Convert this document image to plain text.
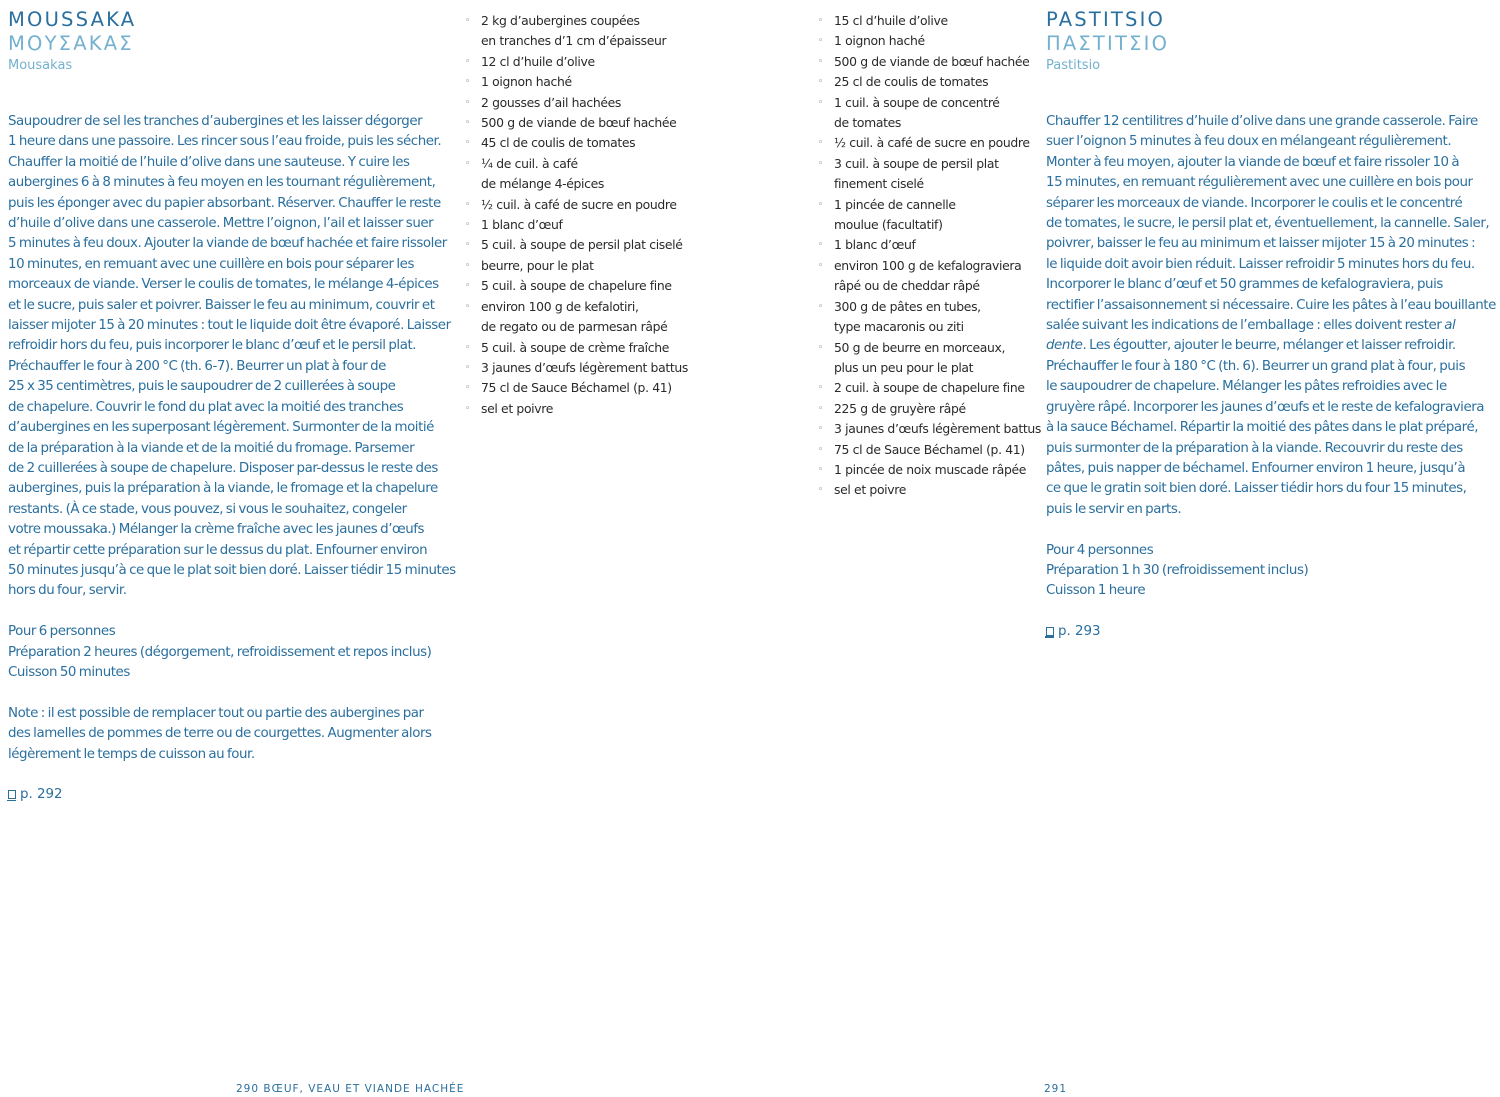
MOUSSAKA
ΜΟΥΣΑΚΑΣ
Mousakas
Saupoudrer de sel les tranches d’aubergines et les laisser dégorger
1 heure dans une passoire. Les rincer sous l’eau froide, puis les sécher.
Chauffer la moitié de l’huile d’olive dans une sauteuse. Y cuire les
aubergines 6 à 8 minutes à feu moyen en les tournant régulièrement,
puis les éponger avec du papier absorbant. Réserver. Chauffer le reste
d’huile d’olive dans une casserole. Mettre l’oignon, l’ail et laisser suer
5 minutes à feu doux. Ajouter la viande de bœuf hachée et faire rissoler
10 minutes, en remuant avec une cuillère en bois pour séparer les
morceaux de viande. Verser le coulis de tomates, le mélange 4-épices
et le sucre, puis saler et poivrer. Baisser le feu au minimum, couvrir et
laisser mijoter 15 à 20 minutes : tout le liquide doit être évaporé. Laisser
refroidir hors du feu, puis incorporer le blanc d’œuf et le persil plat.
Préchauffer le four à 200 °C (th. 6-7). Beurrer un plat à four de
25 x 35 centimètres, puis le saupoudrer de 2 cuillerées à soupe
de chapelure. Couvrir le fond du plat avec la moitié des tranches
d’aubergines en les superposant légèrement. Surmonter de la moitié
de la préparation à la viande et de la moitié du fromage. Parsemer
de 2 cuillerées à soupe de chapelure. Disposer par-dessus le reste des
aubergines, puis la préparation à la viande, le fromage et la chapelure
restants. (À ce stade, vous pouvez, si vous le souhaitez, congeler
votre moussaka.) Mélanger la crème fraîche avec les jaunes d’œufs
et répartir cette préparation sur le dessus du plat. Enfourner environ
50 minutes jusqu’à ce que le plat soit bien doré. Laisser tiédir 15 minutes
hors du four, servir.
Pour 6 personnes
Préparation 2 heures (dégorgement, refroidissement et repos inclus)
Cuisson 50 minutes
Note : il est possible de remplacer tout ou partie des aubergines par
des lamelles de pommes de terre ou de courgettes. Augmenter alors
légèrement le temps de cuisson au four.
p. 292
◦ 2 kg d’aubergines coupées
en tranches d’1 cm d’épaisseur
◦ 12 cl d’huile d’olive
◦ 1 oignon haché
◦ 2 gousses d’ail hachées
◦ 500 g de viande de bœuf hachée
◦ 45 cl de coulis de tomates
◦ ¼ de cuil. à café
de mélange 4-épices
◦ ½ cuil. à café de sucre en poudre
◦ 1 blanc d’œuf
◦ 5 cuil. à soupe de persil plat ciselé
◦ beurre, pour le plat
◦ 5 cuil. à soupe de chapelure fine
◦ environ 100 g de kefalotiri,
de regato ou de parmesan râpé
◦ 5 cuil. à soupe de crème fraîche
◦ 3 jaunes d’œufs légèrement battus
◦ 75 cl de Sauce Béchamel (p. 41)
◦ sel et poivre
◦ 15 cl d’huile d’olive
◦ 1 oignon haché
◦ 500 g de viande de bœuf hachée
◦ 25 cl de coulis de tomates
◦ 1 cuil. à soupe de concentré
de tomates
◦ ½ cuil. à café de sucre en poudre
◦ 3 cuil. à soupe de persil plat
finement ciselé
◦ 1 pincée de cannelle
moulue (facultatif)
◦ 1 blanc d’œuf
◦ environ 100 g de kefalograviera
râpé ou de cheddar râpé
◦ 300 g de pâtes en tubes,
type macaronis ou ziti
◦ 50 g de beurre en morceaux,
plus un peu pour le plat
◦ 2 cuil. à soupe de chapelure fine
◦ 225 g de gruyère râpé
◦ 3 jaunes d’œufs légèrement battus
◦ 75 cl de Sauce Béchamel (p. 41)
◦ 1 pincée de noix muscade râpée
◦ sel et poivre
PASTITSIO
ΠΑΣΤΙΤΣΙΟ
Pastitsio
Chauffer 12 centilitres d’huile d’olive dans une grande casserole. Faire
suer l’oignon 5 minutes à feu doux en mélangeant régulièrement.
Monter à feu moyen, ajouter la viande de bœuf et faire rissoler 10 à
15 minutes, en remuant régulièrement avec une cuillère en bois pour
séparer les morceaux de viande. Incorporer le coulis et le concentré
de tomates, le sucre, le persil plat et, éventuellement, la cannelle. Saler,
poivrer, baisser le feu au minimum et laisser mijoter 15 à 20 minutes :
le liquide doit avoir bien réduit. Laisser refroidir 5 minutes hors du feu.
Incorporer le blanc d’œuf et 50 grammes de kefalograviera, puis
rectifier l’assaisonnement si nécessaire. Cuire les pâtes à l’eau bouillante
salée suivant les indications de l’emballage : elles doivent rester al
dente. Les égoutter, ajouter le beurre, mélanger et laisser refroidir.
Préchauffer le four à 180 °C (th. 6). Beurrer un grand plat à four, puis
le saupoudrer de chapelure. Mélanger les pâtes refroidies avec le
gruyère râpé. Incorporer les jaunes d’œufs et le reste de kefalograviera
à la sauce Béchamel. Répartir la moitié des pâtes dans le plat préparé,
puis surmonter de la préparation à la viande. Recouvrir du reste des
pâtes, puis napper de béchamel. Enfourner environ 1 heure, jusqu’à
ce que le gratin soit bien doré. Laisser tiédir hors du four 15 minutes,
puis le servir en parts.
Pour 4 personnes
Préparation 1 h 30 (refroidissement inclus)
Cuisson 1 heure
p. 293
290 BŒUF, VEAU ET VIANDE HACHÉE	291
